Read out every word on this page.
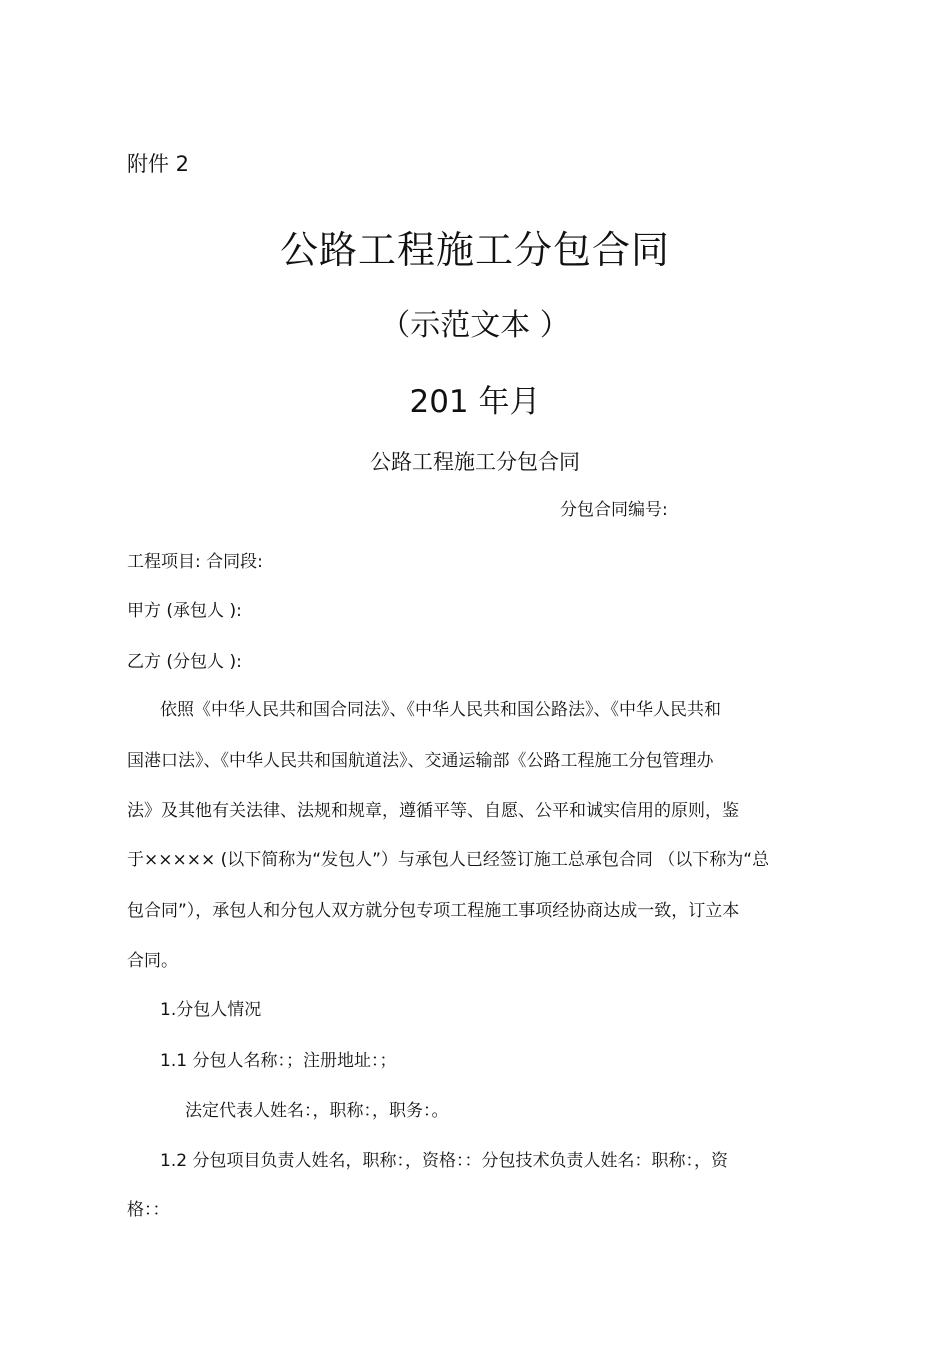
附件 2
公路工程施工分包合同
（示范文本 ）
201 年月
公路工程施工分包合同
分包合同编号:
工程项目: 合同段:
甲方 (承包人 ):
乙方 (分包人 ):
依照《中华人民共和国合同法》、《中华人民共和国公路法》、《中华人民共和
国港口法》、《中华人民共和国航道法》、交通运输部《公路工程施工分包管理办
法》及其他有关法律、法规和规章，遵循平等、自愿、公平和诚实信用的原则，鉴
于××××× (以下简称为“发包人”）与承包人已经签订施工总承包合同 （以下称为“总
包合同”），承包人和分包人双方就分包专项工程施工事项经协商达成一致，订立本
合同。
1.分包人情况
1.1 分包人名称：；注册地址：；
法定代表人姓名：，职称：，职务：。
1.2 分包项目负责人姓名，职称：，资格：：分包技术负责人姓名：职称：，资
格：：
